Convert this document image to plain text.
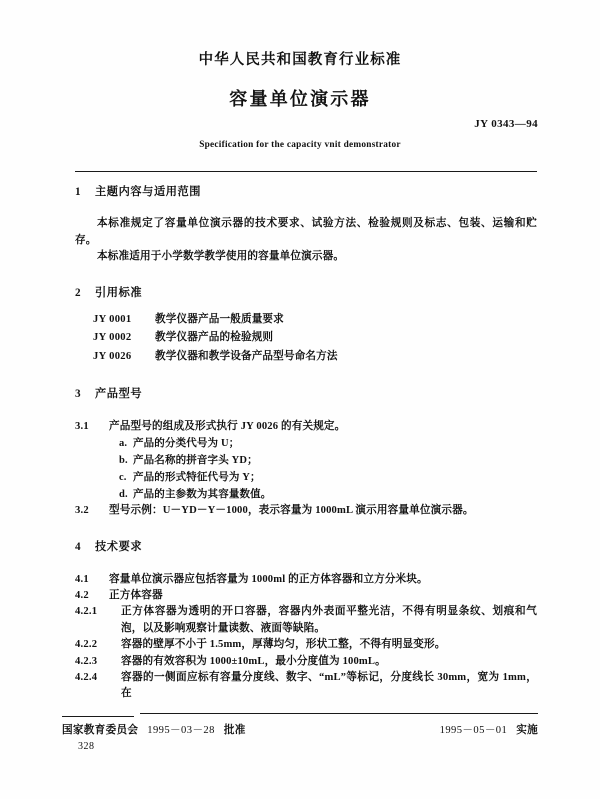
中华人民共和国教育行业标准
容量单位演示器
JY 0343—94
Specification for the capacity vnit demonstrator
1 主题内容与适用范围

本标准规定了容量单位演示器的技术要求、试验方法、检验规则及标志、包装、运输和贮存。

本标准适用于小学数学教学使用的容量单位演示器。

2 引用标准
JY 0001	教学仪器产品一般质量要求
JY 0002	教学仪器产品的检验规则
JY 0026	教学仪器和教学设备产品型号命名方法
3 产品型号
3.1	产品型号的组成及形式执行 JY 0026 的有关规定。
a. 产品的分类代号为 U；
b. 产品名称的拼音字头 YD；
c. 产品的形式特征代号为 Y；
d. 产品的主参数为其容量数值。
3.2	型号示例：U－YD－Y－1000，表示容量为 1000mL 演示用容量单位演示器。
4 技术要求
4.1	容量单位演示器应包括容量为 1000ml 的正方体容器和立方分米块。
4.2	正方体容器
4.2.1	正方体容器为透明的开口容器，容器内外表面平整光洁，不得有明显条纹、划痕和气泡，以及影响观察计量读数、液面等缺陷。
4.2.2	容器的壁厚不小于 1.5mm，厚薄均匀，形状工整，不得有明显变形。
4.2.3	容器的有效容积为 1000±10mL，最小分度值为 100mL。
4.2.4	容器的一侧面应标有容量分度线、数字、“mL”等标记，分度线长 30mm，宽为 1mm，在
国家教育委员会 1995－03－28 批准	1995－05－01 实施
328
